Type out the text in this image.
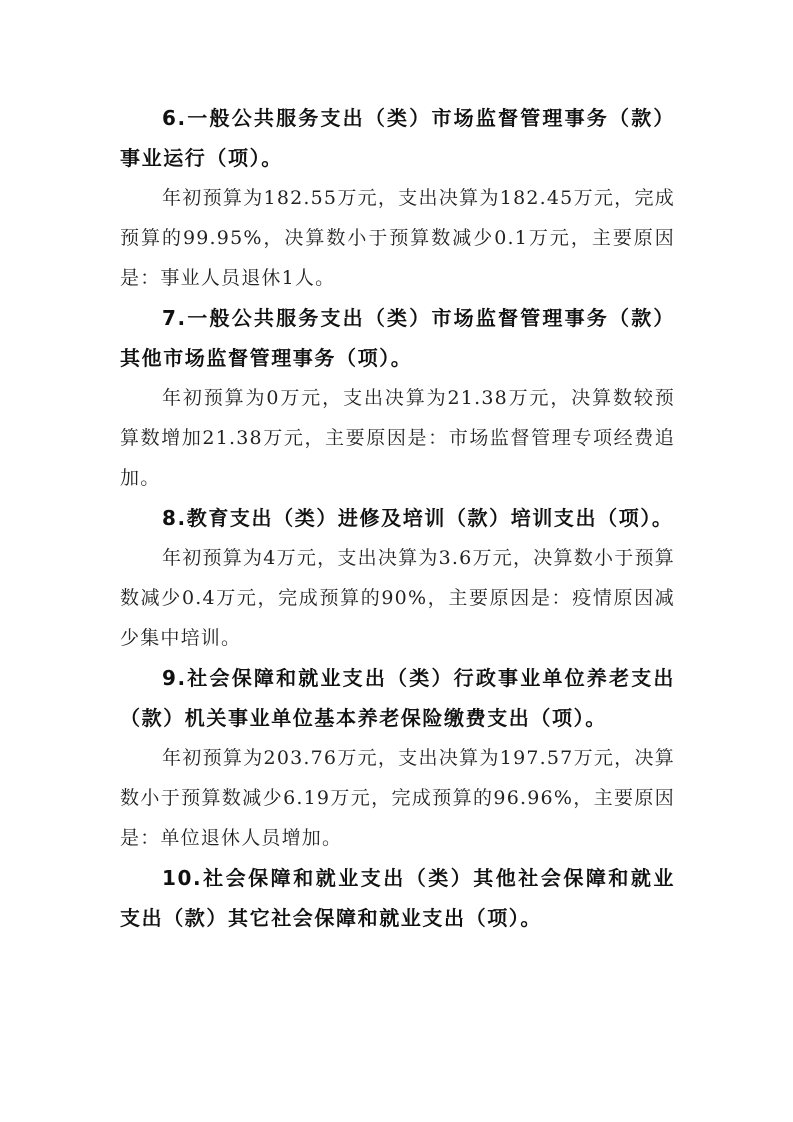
6.一般公共服务支出（类）市场监督管理事务（款）事业运行（项）。

年初预算为182.55万元，支出决算为182.45万元，完成预算的99.95%，决算数小于预算数减少0.1万元，主要原因是：事业人员退休1人。

7.一般公共服务支出（类）市场监督管理事务（款）其他市场监督管理事务（项）。

年初预算为0万元，支出决算为21.38万元，决算数较预算数增加21.38万元，主要原因是：市场监督管理专项经费追加。

8.教育支出（类）进修及培训（款）培训支出（项）。

年初预算为4万元，支出决算为3.6万元，决算数小于预算数减少0.4万元，完成预算的90%，主要原因是：疫情原因减少集中培训。

9.社会保障和就业支出（类）行政事业单位养老支出（款）机关事业单位基本养老保险缴费支出（项）。

年初预算为203.76万元，支出决算为197.57万元，决算数小于预算数减少6.19万元，完成预算的96.96%，主要原因是：单位退休人员增加。

10.社会保障和就业支出（类）其他社会保障和就业支出（款）其它社会保障和就业支出（项）。
